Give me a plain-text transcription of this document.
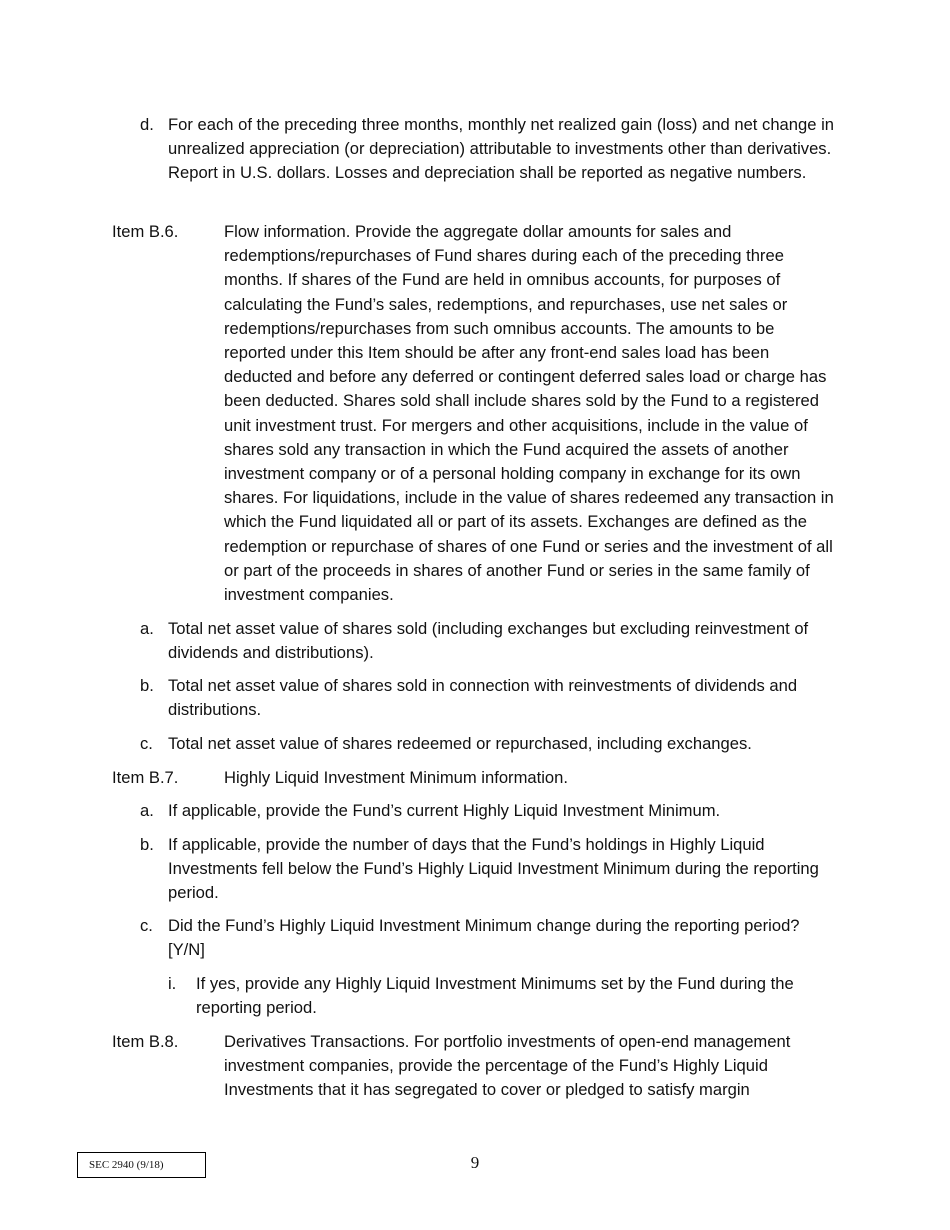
d. For each of the preceding three months, monthly net realized gain (loss) and net change in unrealized appreciation (or depreciation) attributable to investments other than derivatives. Report in U.S. dollars. Losses and depreciation shall be reported as negative numbers.
Item B.6.	Flow information. Provide the aggregate dollar amounts for sales and redemptions/repurchases of Fund shares during each of the preceding three months. If shares of the Fund are held in omnibus accounts, for purposes of calculating the Fund’s sales, redemptions, and repurchases, use net sales or redemptions/repurchases from such omnibus accounts. The amounts to be reported under this Item should be after any front-end sales load has been deducted and before any deferred or contingent deferred sales load or charge has been deducted. Shares sold shall include shares sold by the Fund to a registered unit investment trust. For mergers and other acquisitions, include in the value of shares sold any transaction in which the Fund acquired the assets of another investment company or of a personal holding company in exchange for its own shares. For liquidations, include in the value of shares redeemed any transaction in which the Fund liquidated all or part of its assets. Exchanges are defined as the redemption or repurchase of shares of one Fund or series and the investment of all or part of the proceeds in shares of another Fund or series in the same family of investment companies.
a. Total net asset value of shares sold (including exchanges but excluding reinvestment of dividends and distributions).
b. Total net asset value of shares sold in connection with reinvestments of dividends and distributions.
c. Total net asset value of shares redeemed or repurchased, including exchanges.
Item B.7.	Highly Liquid Investment Minimum information.
a. If applicable, provide the Fund’s current Highly Liquid Investment Minimum.
b. If applicable, provide the number of days that the Fund’s holdings in Highly Liquid Investments fell below the Fund’s Highly Liquid Investment Minimum during the reporting period.
c. Did the Fund’s Highly Liquid Investment Minimum change during the reporting period? [Y/N]
i.	If yes, provide any Highly Liquid Investment Minimums set by the Fund during the reporting period.
Item B.8.	Derivatives Transactions. For portfolio investments of open-end management investment companies, provide the percentage of the Fund’s Highly Liquid Investments that it has segregated to cover or pledged to satisfy margin
SEC 2940 (9/18)	9
